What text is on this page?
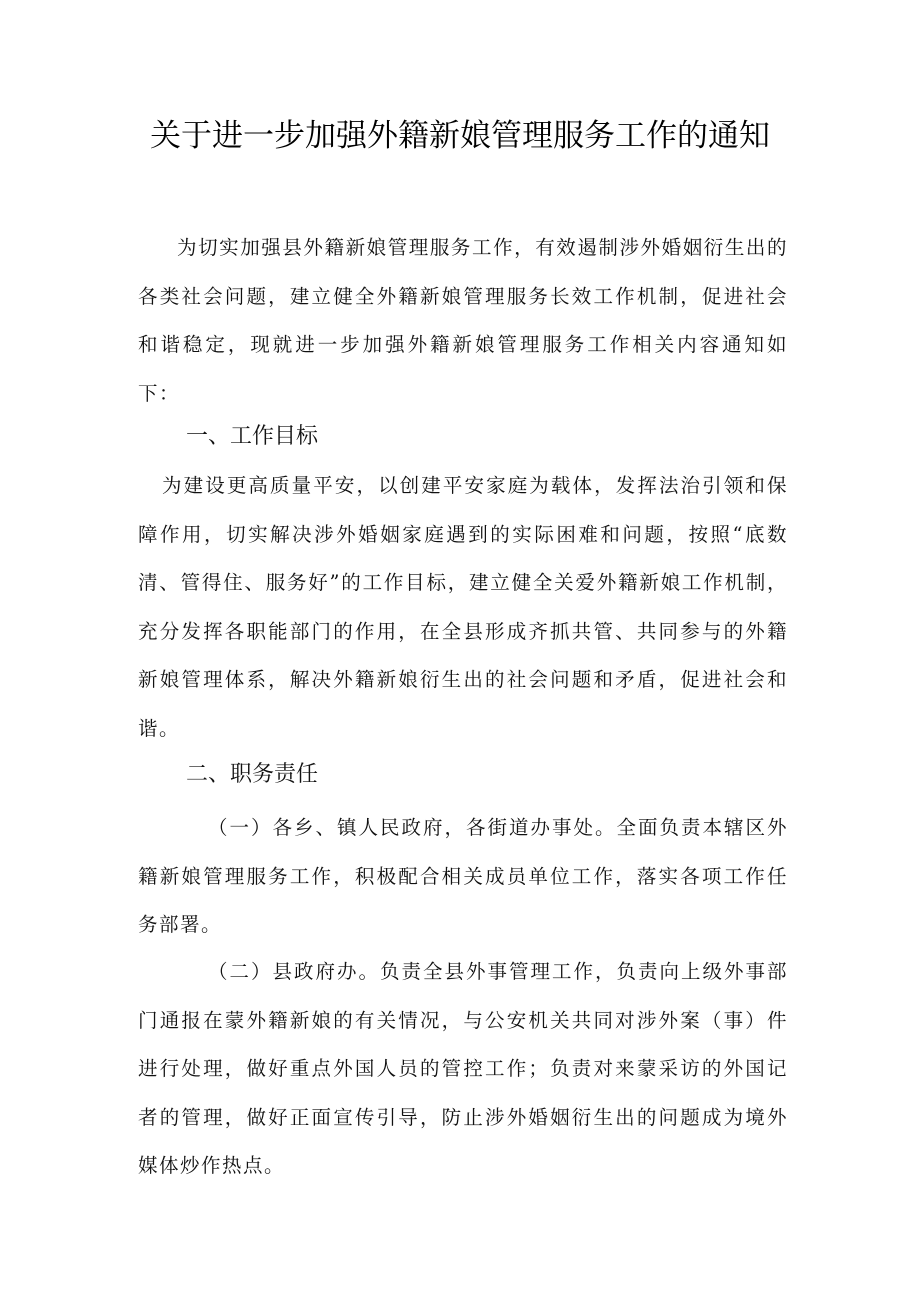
关于进一步加强外籍新娘管理服务工作的通知

为切实加强县外籍新娘管理服务工作，有效遏制涉外婚姻衍生出的各类社会问题，建立健全外籍新娘管理服务长效工作机制，促进社会和谐稳定，现就进一步加强外籍新娘管理服务工作相关内容通知如下：

一、工作目标

为建设更高质量平安，以创建平安家庭为载体，发挥法治引领和保障作用，切实解决涉外婚姻家庭遇到的实际困难和问题，按照“底数清、管得住、服务好”的工作目标，建立健全关爱外籍新娘工作机制，充分发挥各职能部门的作用，在全县形成齐抓共管、共同参与的外籍新娘管理体系，解决外籍新娘衍生出的社会问题和矛盾，促进社会和谐。

二、职务责任

（一）各乡、镇人民政府，各街道办事处。全面负责本辖区外籍新娘管理服务工作，积极配合相关成员单位工作，落实各项工作任务部署。

（二）县政府办。负责全县外事管理工作，负责向上级外事部门通报在蒙外籍新娘的有关情况，与公安机关共同对涉外案（事）件进行处理，做好重点外国人员的管控工作；负责对来蒙采访的外国记者的管理，做好正面宣传引导，防止涉外婚姻衍生出的问题成为境外媒体炒作热点。
